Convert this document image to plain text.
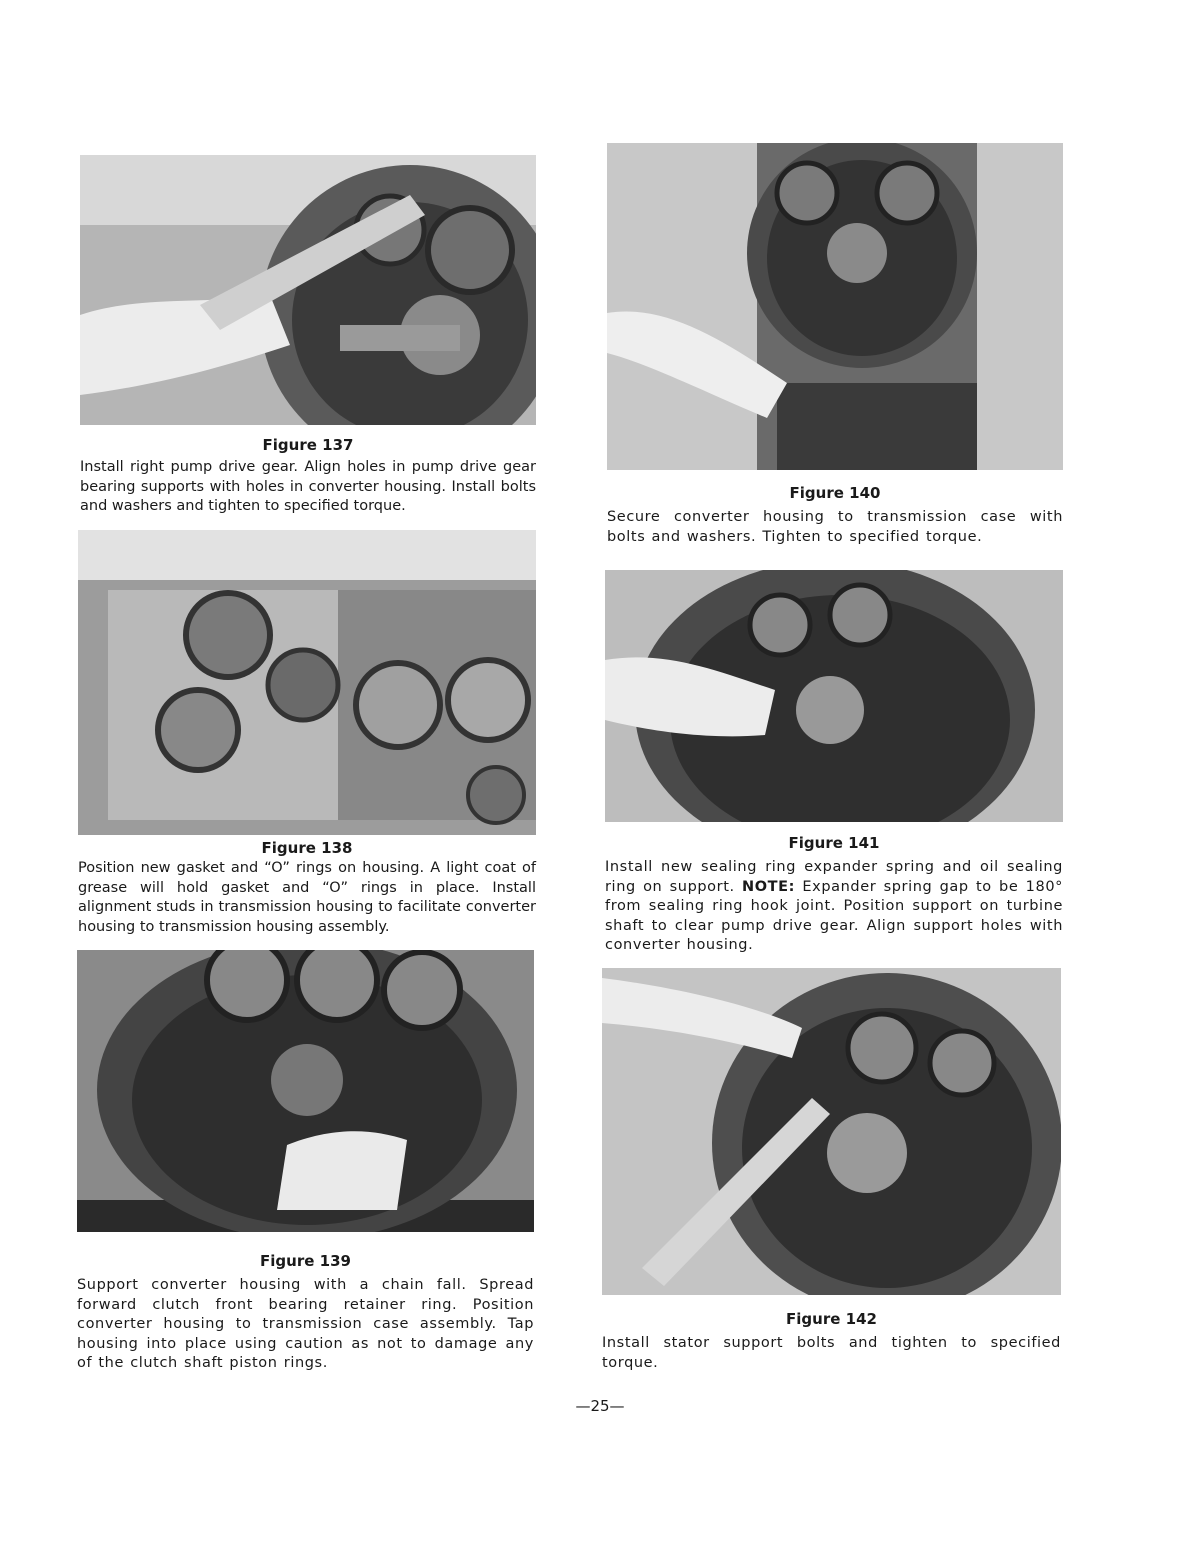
Figure 137
Install right pump drive gear. Align holes in pump drive gear bearing supports with holes in converter housing. Install bolts and washers and tighten to specified torque.
Figure 138
Position new gasket and “O” rings on housing. A light coat of grease will hold gasket and “O” rings in place. Install alignment studs in transmission housing to facilitate converter housing to transmission housing assembly.
Figure 139
Support converter housing with a chain fall. Spread forward clutch front bearing retainer ring. Position converter housing to transmission case assembly. Tap housing into place using caution as not to damage any of the clutch shaft piston rings.
Figure 140
Secure converter housing to transmission case with bolts and washers. Tighten to specified torque.
Figure 141
Install new sealing ring expander spring and oil sealing ring on support. NOTE: Expander spring gap to be 180° from sealing ring hook joint. Position support on turbine shaft to clear pump drive gear. Align support holes with converter housing.
Figure 142
Install stator support bolts and tighten to specified torque.
—25—
